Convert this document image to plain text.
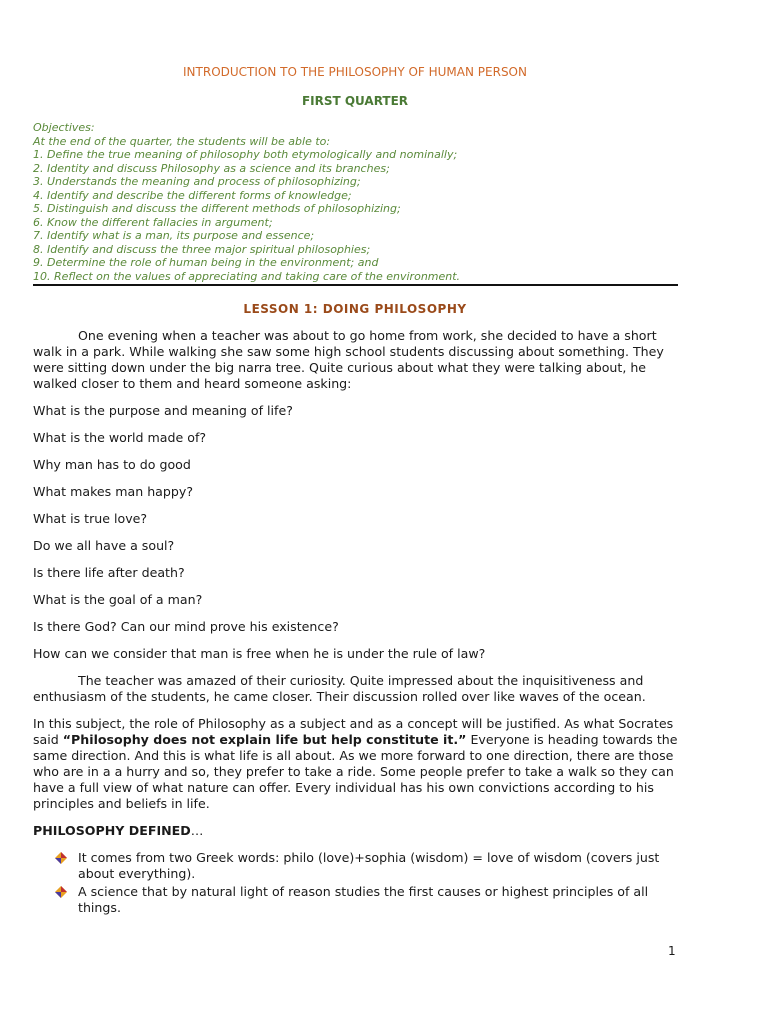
INTRODUCTION TO THE PHILOSOPHY OF HUMAN PERSON
FIRST QUARTER
Objectives:
At the end of the quarter, the students will be able to:
1. Define the true meaning of philosophy both etymologically and nominally;
2. Identity and discuss Philosophy as a science and its branches;
3. Understands the meaning and process of philosophizing;
4. Identify and describe the different forms of knowledge;
5. Distinguish and discuss the different methods of philosophizing;
6. Know the different fallacies in argument;
7. Identify what is a man, its purpose and essence;
8. Identify and discuss the three major spiritual philosophies;
9. Determine the role of human being in the environment; and
10. Reflect on the values of appreciating and taking care of the environment.
LESSON 1: DOING PHILOSOPHY

One evening when a teacher was about to go home from work, she decided to have a short walk in a park. While walking she saw some high school students discussing about something. They were sitting down under the big narra tree. Quite curious about what they were talking about, he walked closer to them and heard someone asking:

What is the purpose and meaning of life?

What is the world made of?

Why man has to do good

What makes man happy?

What is true love?

Do we all have a soul?

Is there life after death?

What is the goal of a man?

Is there God? Can our mind prove his existence?

How can we consider that man is free when he is under the rule of law?

The teacher was amazed of their curiosity. Quite impressed about the inquisitiveness and enthusiasm of the students, he came closer. Their discussion rolled over like waves of the ocean.

In this subject, the role of Philosophy as a subject and as a concept will be justified. As what Socrates said “Philosophy does not explain life but help constitute it.” Everyone is heading towards the same direction. And this is what life is all about. As we more forward to one direction, there are those who are in a a hurry and so, they prefer to take a ride. Some people prefer to take a walk so they can have a full view of what nature can offer. Every individual has his own convictions according to his principles and beliefs in life.

PHILOSOPHY DEFINED…

It comes from two Greek words: philo (love)+sophia (wisdom) = love of wisdom (covers just about everything).
A science that by natural light of reason studies the first causes or highest principles of all things.
1
